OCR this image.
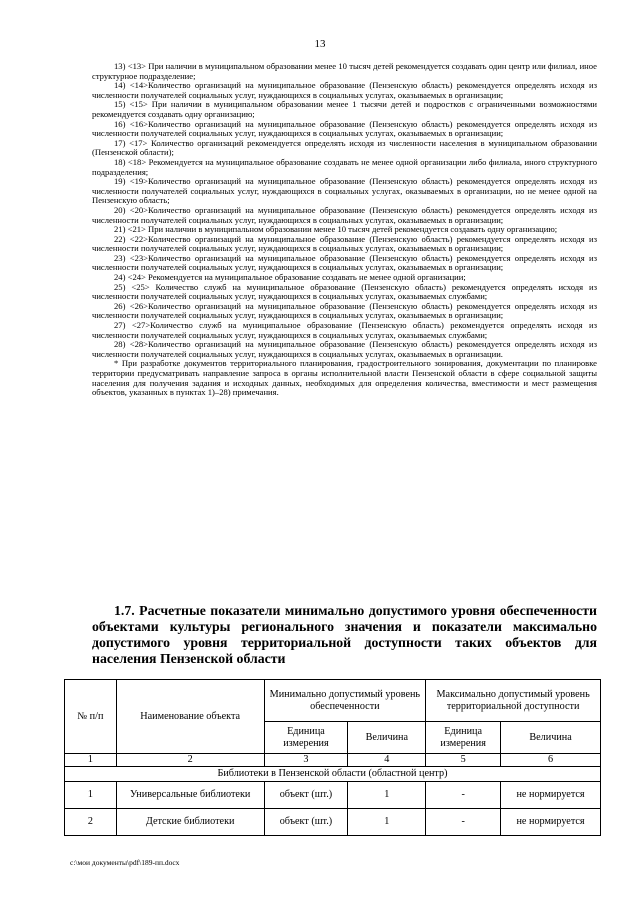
13

13) <13> При наличии в муниципальном образовании менее 10 тысяч детей рекомендуется создавать один центр или филиал, иное структурное подразделение;

14) <14>Количество организаций на муниципальное образование (Пензенскую область) рекомендуется определять исходя из численности получателей социальных услуг, нуждающихся в социальных услугах, оказываемых в организации;

15) <15> При наличии в муниципальном образовании менее 1 тысячи детей и подростков с ограниченными возможностями рекомендуется создавать одну организацию;

16) <16>Количество организаций на муниципальное образование (Пензенскую область) рекомендуется определять исходя из численности получателей социальных услуг, нуждающихся в социальных услугах, оказываемых в организации;

17) <17> Количество организаций рекомендуется определять исходя из численности населения в муниципальном образовании (Пензенской области);

18) <18> Рекомендуется на муниципальное образование создавать не менее одной организации либо филиала, иного структурного подразделения;

19) <19>Количество организаций на муниципальное образование (Пензенскую область) рекомендуется определять исходя из численности получателей социальных услуг, нуждающихся в социальных услугах, оказываемых в организации, но не менее одной на Пензенскую область;

20) <20>Количество организаций на муниципальное образование (Пензенскую область) рекомендуется определять исходя из численности получателей социальных услуг, нуждающихся в социальных услугах, оказываемых в организации;

21) <21> При наличии в муниципальном образовании менее 10 тысяч детей рекомендуется создавать одну организацию;

22) <22>Количество организаций на муниципальное образование (Пензенскую область) рекомендуется определять исходя из численности получателей социальных услуг, нуждающихся в социальных услугах, оказываемых в организации;

23) <23>Количество организаций на муниципальное образование (Пензенскую область) рекомендуется определять исходя из численности получателей социальных услуг, нуждающихся в социальных услугах, оказываемых в организации;

24) <24> Рекомендуется на муниципальное образование создавать не менее одной организации;

25) <25> Количество служб на муниципальное образование (Пензенскую область) рекомендуется определять исходя из численности получателей социальных услуг, нуждающихся в социальных услугах, оказываемых службами;

26) <26>Количество организаций на муниципальное образование (Пензенскую область) рекомендуется определять исходя из численности получателей социальных услуг, нуждающихся в социальных услугах, оказываемых в организации;

27) <27>Количество служб на муниципальное образование (Пензенскую область) рекомендуется определять исходя из численности получателей социальных услуг, нуждающихся в социальных услугах, оказываемых службами;

28) <28>Количество организаций на муниципальное образование (Пензенскую область) рекомендуется определять исходя из численности получателей социальных услуг, нуждающихся в социальных услугах, оказываемых в организации.

* При разработке документов территориального планирования, градостроительного зонирования, документации по планировке территории предусматривать направление запроса в органы исполнительной власти Пензенской области в сфере социальной защиты населения для получения задания и исходных данных, необходимых для определения количества, вместимости и мест размещения объектов, указанных в пунктах 1)–28) примечания.

1.7. Расчетные показатели минимально допустимого уровня обеспеченности объектами культуры регионального значения и показатели максимально допустимого уровня территориальной доступности таких объектов для населения Пензенской области
№ п/п	Наименование объекта	Минимально допустимый уровень обеспеченности		Максимально допустимый уровень территориальной доступности	
		Единица измерения	Величина	Единица измерения	Величина
1	2	3	4	5	6
Библиотеки в Пензенской области (областной центр)					
1	Универсальные библиотеки	объект (шт.)	1	-	не нормируется
2	Детские библиотеки	объект (шт.)	1	-	не нормируется
c:\мои документы\pdf\189-пп.docx
